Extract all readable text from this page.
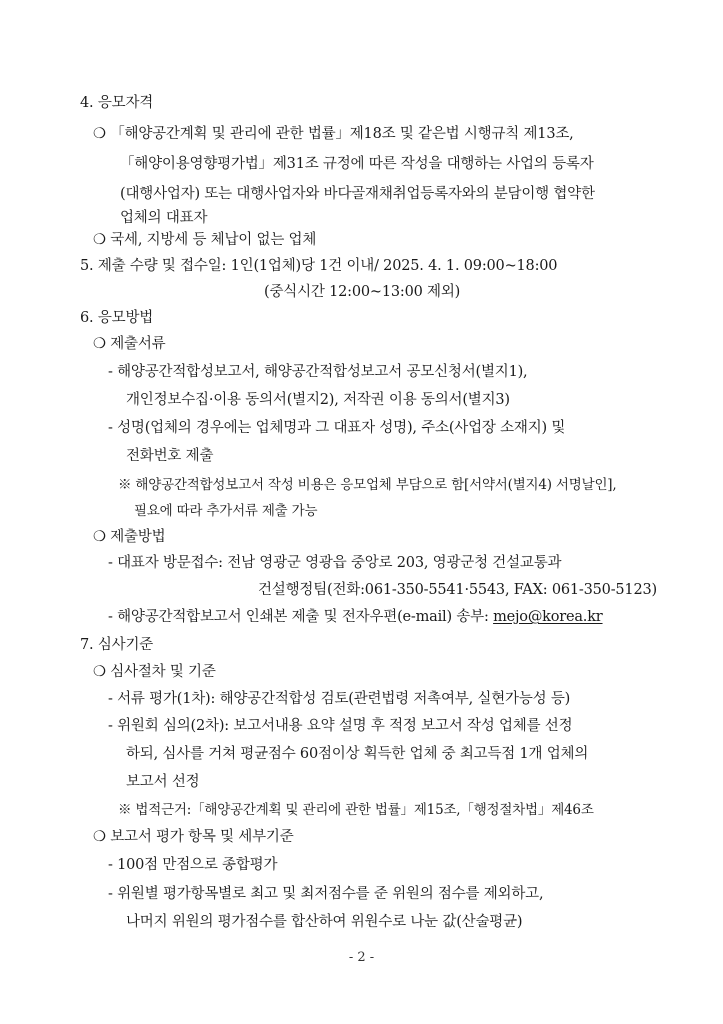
4. 응모자격
❍ 「해양공간계획 및 관리에 관한 법률」제18조 및 같은법 시행규칙 제13조,
「해양이용영향평가법」제31조 규정에 따른 작성을 대행하는 사업의 등록자
(대행사업자) 또는 대행사업자와 바다골재채취업등록자와의 분담이행 협약한
업체의 대표자
❍ 국세, 지방세 등 체납이 없는 업체
5. 제출 수량 및 접수일: 1인(1업체)당 1건 이내/ 2025. 4. 1. 09:00~18:00
(중식시간 12:00~13:00 제외)
6. 응모방법
❍ 제출서류
- 해양공간적합성보고서, 해양공간적합성보고서 공모신청서(별지1),
개인정보수집·이용 동의서(별지2), 저작권 이용 동의서(별지3)
- 성명(업체의 경우에는 업체명과 그 대표자 성명), 주소(사업장 소재지) 및
전화번호 제출
※ 해양공간적합성보고서 작성 비용은 응모업체 부담으로 함[서약서(별지4) 서명날인],
필요에 따라 추가서류 제출 가능
❍ 제출방법
- 대표자 방문접수: 전남 영광군 영광읍 중앙로 203, 영광군청 건설교통과
건설행정팀(전화:061-350-5541·5543, FAX: 061-350-5123)
- 해양공간적합보고서 인쇄본 제출 및 전자우편(e-mail) 송부: mejo@korea.kr
7. 심사기준
❍ 심사절차 및 기준
- 서류 평가(1차): 해양공간적합성 검토(관련법령 저촉여부, 실현가능성 등)
- 위원회 심의(2차): 보고서내용 요약 설명 후 적정 보고서 작성 업체를 선정
하되, 심사를 거쳐 평균점수 60점이상 획득한 업체 중 최고득점 1개 업체의
보고서 선정
※ 법적근거:「해양공간계획 및 관리에 관한 법률」제15조,「행정절차법」제46조
❍ 보고서 평가 항목 및 세부기준
- 100점 만점으로 종합평가
- 위원별 평가항목별로 최고 및 최저점수를 준 위원의 점수를 제외하고,
나머지 위원의 평가점수를 합산하여 위원수로 나눈 값(산술평균)
- 2 -
